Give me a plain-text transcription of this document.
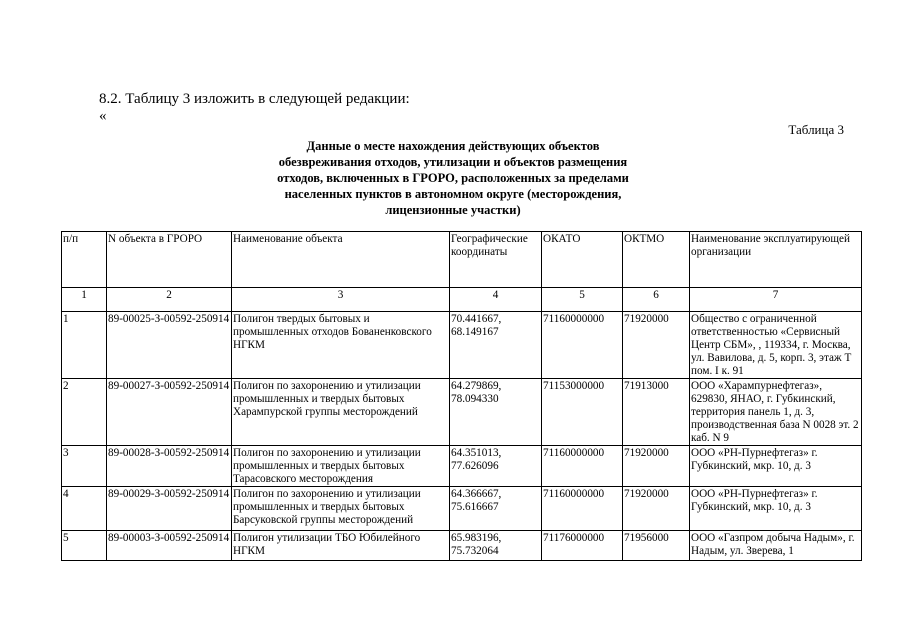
8.2. Таблицу 3 изложить в следующей редакции:
«
Таблица 3
Данные о месте нахождения действующих объектов обезвреживания отходов, утилизации и объектов размещения отходов, включенных в ГРОРО, расположенных за пределами населенных пунктов в автономном округе (месторождения, лицензионные участки)
п/п	N объекта в ГРОРО	Наименование объекта	Географические координаты	ОКАТО	ОКТМО	Наименование эксплуатирующей организации
1	2	3	4	5	6	7
1	89-00025-З-00592-250914	Полигон твердых бытовых и промышленных отходов Бованенковского НГКМ	70.441667, 68.149167	71160000000	71920000	Общество с ограниченной ответственностью «Сервисный Центр СБМ», , 119334, г. Москва, ул. Вавилова, д. 5, корп. 3, этаж Т пом. I к. 91
2	89-00027-З-00592-250914	Полигон по захоронению и утилизации промышленных и твердых бытовых Харампурской группы месторождений	64.279869, 78.094330	71153000000	71913000	ООО «Харампурнефтегаз», 629830, ЯНАО, г. Губкинский, территория панель 1, д. 3, производственная база N 0028 эт. 2 каб. N 9
3	89-00028-З-00592-250914	Полигон по захоронению и утилизации промышленных и твердых бытовых Тарасовского месторождения	64.351013, 77.626096	71160000000	71920000	ООО «РН-Пурнефтегаз» г. Губкинский, мкр. 10, д. 3
4	89-00029-З-00592-250914	Полигон по захоронению и утилизации промышленных и твердых бытовых Барсуковской группы месторождений	64.366667, 75.616667	71160000000	71920000	ООО «РН-Пурнефтегаз» г. Губкинский, мкр. 10, д. 3
5	89-00003-З-00592-250914	Полигон утилизации ТБО Юбилейного НГКМ	65.983196, 75.732064	71176000000	71956000	ООО «Газпром добыча Надым», г. Надым, ул. Зверева, 1
